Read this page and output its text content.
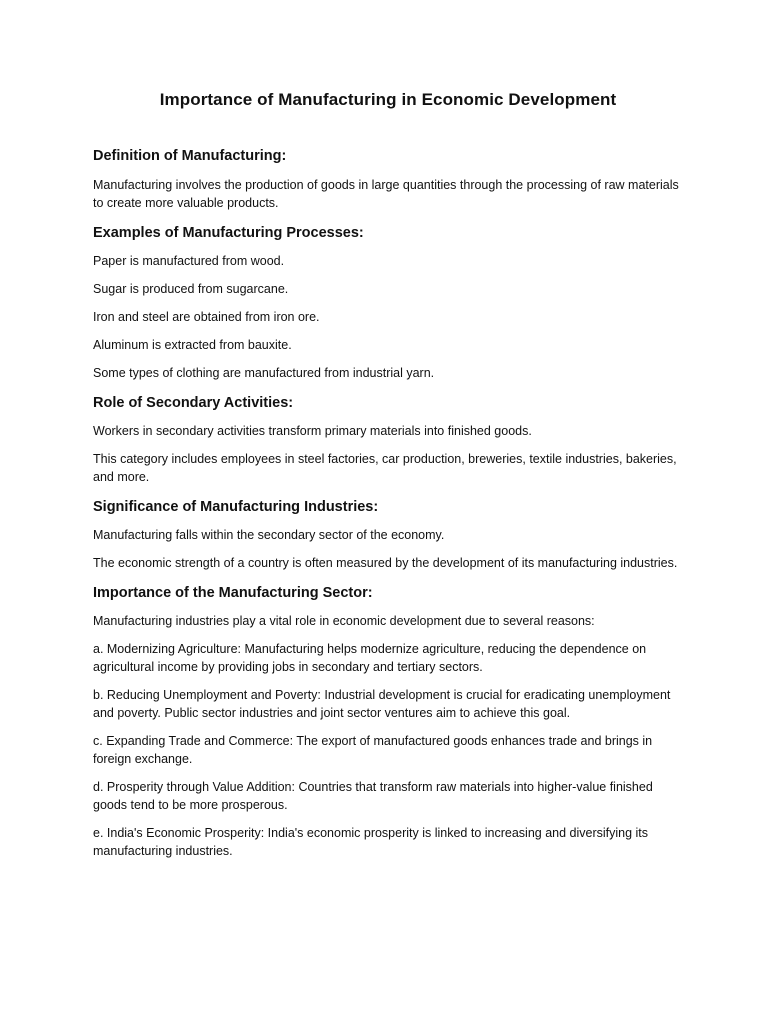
Importance of Manufacturing in Economic Development
Definition of Manufacturing:

Manufacturing involves the production of goods in large quantities through the processing of raw materials to create more valuable products.

Examples of Manufacturing Processes:

Paper is manufactured from wood.

Sugar is produced from sugarcane.

Iron and steel are obtained from iron ore.

Aluminum is extracted from bauxite.

Some types of clothing are manufactured from industrial yarn.

Role of Secondary Activities:

Workers in secondary activities transform primary materials into finished goods.

This category includes employees in steel factories, car production, breweries, textile industries, bakeries, and more.

Significance of Manufacturing Industries:

Manufacturing falls within the secondary sector of the economy.

The economic strength of a country is often measured by the development of its manufacturing industries.

Importance of the Manufacturing Sector:

Manufacturing industries play a vital role in economic development due to several reasons:

a. Modernizing Agriculture: Manufacturing helps modernize agriculture, reducing the dependence on agricultural income by providing jobs in secondary and tertiary sectors.

b. Reducing Unemployment and Poverty: Industrial development is crucial for eradicating unemployment and poverty. Public sector industries and joint sector ventures aim to achieve this goal.

c. Expanding Trade and Commerce: The export of manufactured goods enhances trade and brings in foreign exchange.

d. Prosperity through Value Addition: Countries that transform raw materials into higher-value finished goods tend to be more prosperous.

e. India's Economic Prosperity: India's economic prosperity is linked to increasing and diversifying its manufacturing industries.
